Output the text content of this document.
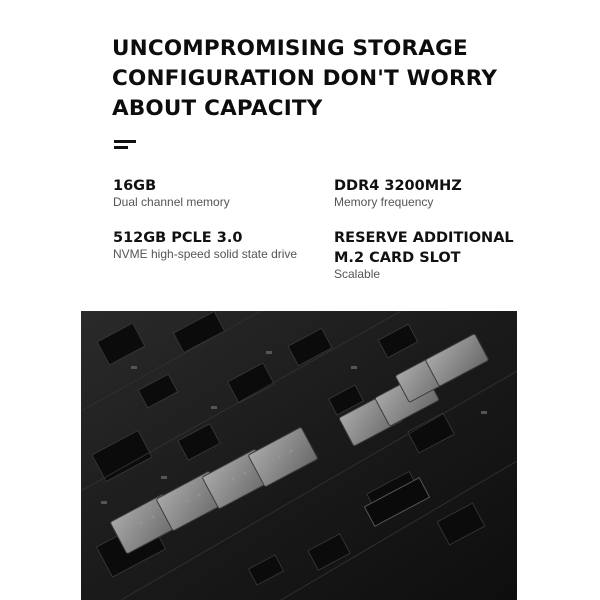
UNCOMPROMISING STORAGE
CONFIGURATION DON'T WORRY
ABOUT CAPACITY
16GB
Dual channel memory
DDR4 3200MHZ
Memory frequency
512GB PCLE 3.0
NVME high-speed solid state drive
RESERVE ADDITIONAL
M.2 CARD SLOT
Scalable
